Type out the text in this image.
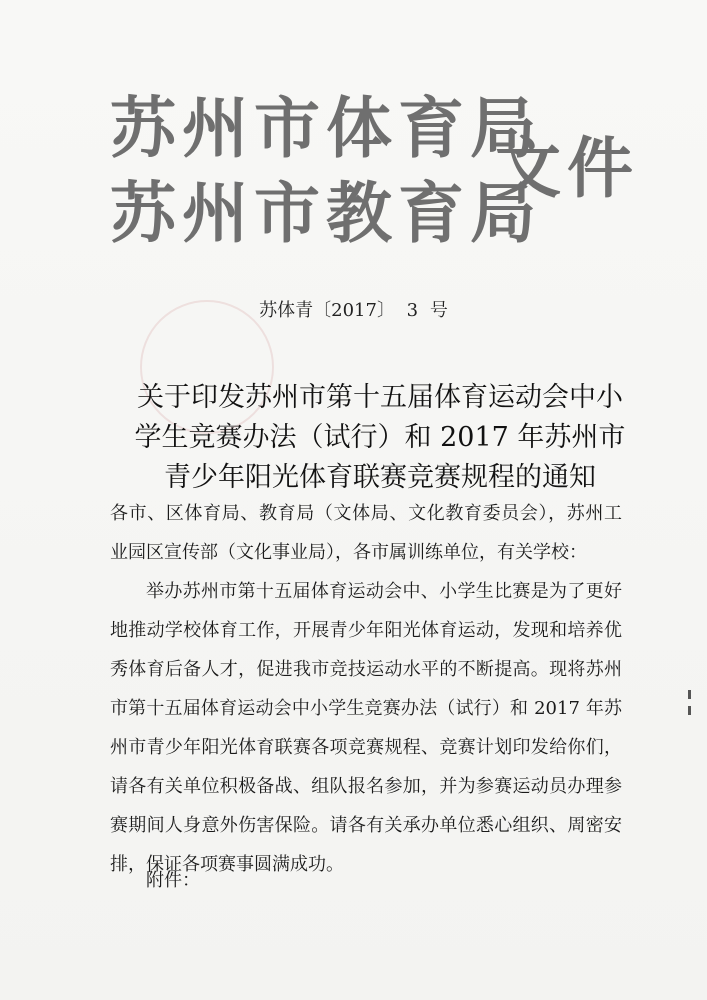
苏州市体育局
苏州市教育局
文件
苏体青〔2017〕 3 号
关于印发苏州市第十五届体育运动会中小
学生竞赛办法（试行）和 2017 年苏州市
青少年阳光体育联赛竞赛规程的通知

各市、区体育局、教育局（文体局、文化教育委员会），苏州工业园区宣传部（文化事业局），各市属训练单位，有关学校：

举办苏州市第十五届体育运动会中、小学生比赛是为了更好地推动学校体育工作，开展青少年阳光体育运动，发现和培养优秀体育后备人才，促进我市竞技运动水平的不断提高。现将苏州市第十五届体育运动会中小学生竞赛办法（试行）和 2017 年苏州市青少年阳光体育联赛各项竞赛规程、竞赛计划印发给你们，请各有关单位积极备战、组队报名参加，并为参赛运动员办理参赛期间人身意外伤害保险。请各有关承办单位悉心组织、周密安排，保证各项赛事圆满成功。

附件：
